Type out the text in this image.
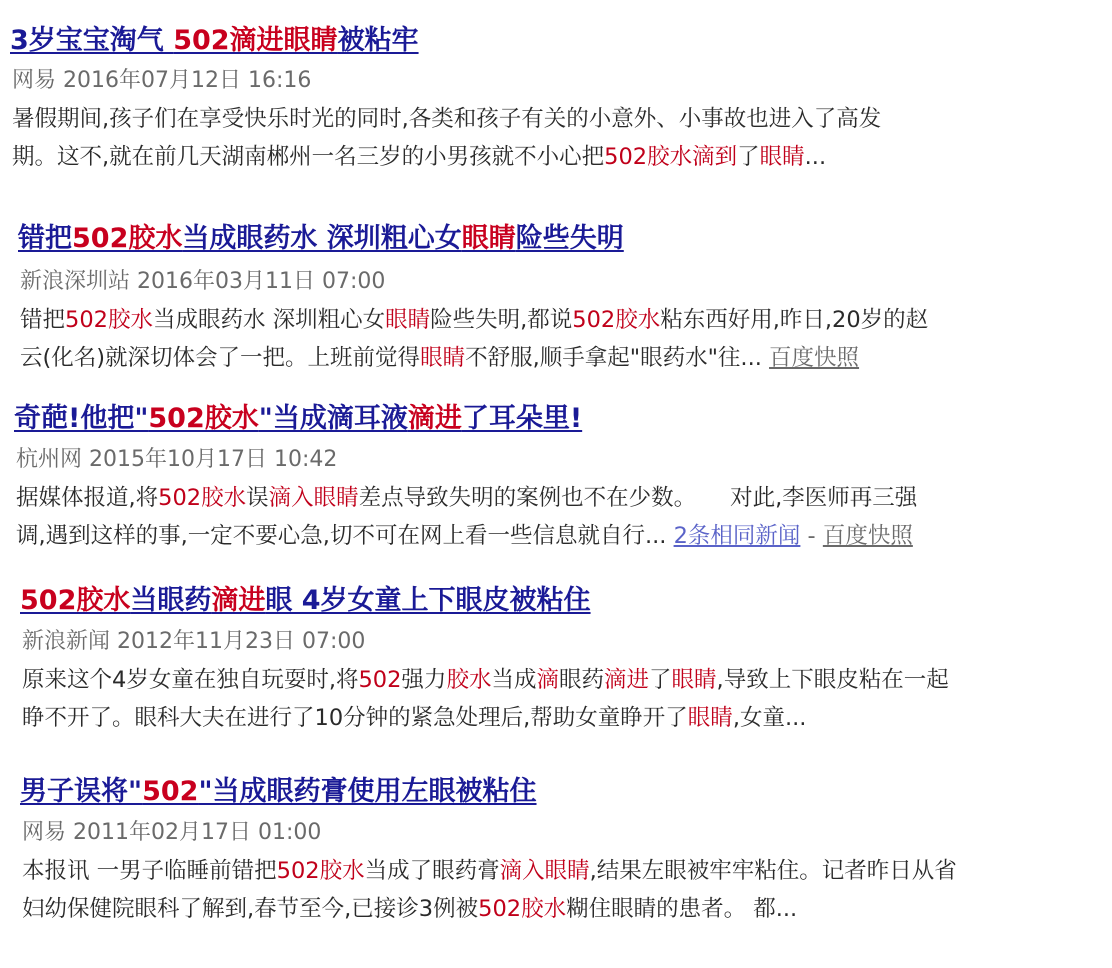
3岁宝宝淘气 502滴进眼睛被粘牢
网易 2016年07月12日 16:16
暑假期间,孩子们在享受快乐时光的同时,各类和孩子有关的小意外、小事故也进入了高发
期。这不,就在前几天湖南郴州一名三岁的小男孩就不小心把502胶水滴到了眼睛...
错把502胶水当成眼药水 深圳粗心女眼睛险些失明
新浪深圳站 2016年03月11日 07:00
错把502胶水当成眼药水 深圳粗心女眼睛险些失明,都说502胶水粘东西好用,昨日,20岁的赵
云(化名)就深切体会了一把。上班前觉得眼睛不舒服,顺手拿起"眼药水"往... 百度快照
奇葩!他把"502胶水"当成滴耳液滴进了耳朵里!
杭州网 2015年10月17日 10:42
据媒体报道,将502胶水误滴入眼睛差点导致失明的案例也不在少数。 对此,李医师再三强
调,遇到这样的事,一定不要心急,切不可在网上看一些信息就自行... 2条相同新闻 - 百度快照
502胶水当眼药滴进眼 4岁女童上下眼皮被粘住
新浪新闻 2012年11月23日 07:00
原来这个4岁女童在独自玩耍时,将502强力胶水当成滴眼药滴进了眼睛,导致上下眼皮粘在一起
睁不开了。眼科大夫在进行了10分钟的紧急处理后,帮助女童睁开了眼睛,女童...
男子误将"502"当成眼药膏使用左眼被粘住
网易 2011年02月17日 01:00
本报讯 一男子临睡前错把502胶水当成了眼药膏滴入眼睛,结果左眼被牢牢粘住。记者昨日从省
妇幼保健院眼科了解到,春节至今,已接诊3例被502胶水糊住眼睛的患者。 都...
